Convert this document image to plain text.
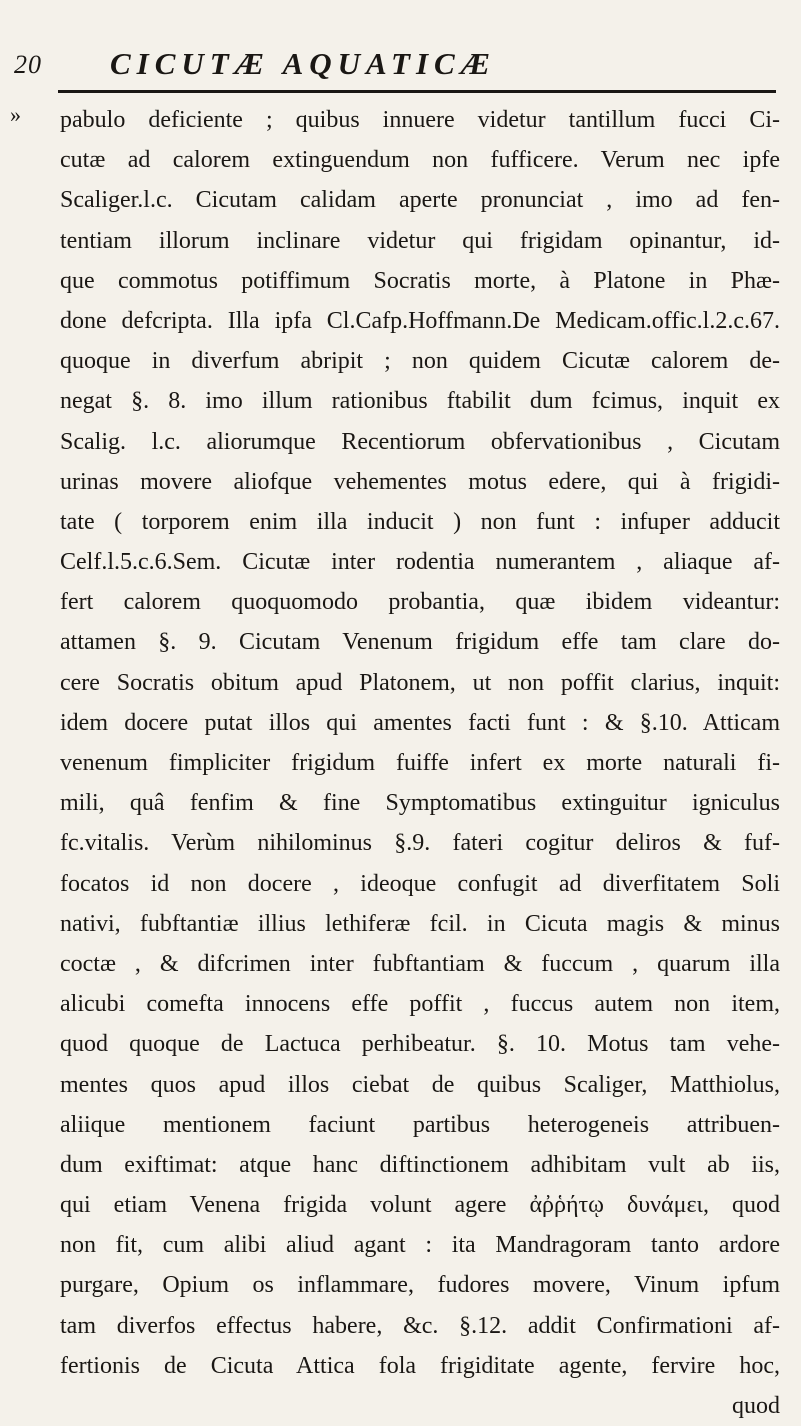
20 CICUTÆ AQUATICÆ
» pabulo deficiente ; quibus innuere videtur tantillum fucci Ci-
cutæ ad calorem extinguendum non fufficere. Verum nec ipfe
Scaliger.l.c. Cicutam calidam aperte pronunciat , imo ad fen-
tentiam illorum inclinare videtur qui frigidam opinantur, id-
que commotus potiffimum Socratis morte, à Platone in Phæ-
done defcripta. Illa ipfa Cl.Cafp.Hoffmann.De Medicam.offic.l.2.c.67.
quoque in diverfum abripit ; non quidem Cicutæ calorem de-
negat §. 8. imo illum rationibus ftabilit dum fcimus, inquit ex
Scalig. l.c. aliorumque Recentiorum obfervationibus , Cicutam
urinas movere aliofque vehementes motus edere, qui à frigidi-
tate ( torporem enim illa inducit ) non funt : infuper adducit
Celf.l.5.c.6.Sem. Cicutæ inter rodentia numerantem , aliaque af-
fert calorem quoquomodo probantia, quæ ibidem videantur:
attamen §. 9. Cicutam Venenum frigidum effe tam clare do-
cere Socratis obitum apud Platonem, ut non poffit clarius, inquit:
idem docere putat illos qui amentes facti funt : & §.10. Atticam
venenum fimpliciter frigidum fuiffe infert ex morte naturali fi-
mili, quâ fenfim & fine Symptomatibus extinguitur igniculus
fc.vitalis. Verùm nihilominus §.9. fateri cogitur deliros & fuf-
focatos id non docere , ideoque confugit ad diverfitatem Soli
nativi, fubftantiæ illius lethiferæ fcil. in Cicuta magis & minus
coctæ , & difcrimen inter fubftantiam & fuccum , quarum illa
alicubi comefta innocens effe poffit , fuccus autem non item,
quod quoque de Lactuca perhibeatur. §. 10. Motus tam vehe-
mentes quos apud illos ciebat de quibus Scaliger, Matthiolus,
aliique mentionem faciunt partibus heterogeneis attribuen-
dum exiftimat: atque hanc diftinctionem adhibitam vult ab iis,
qui etiam Venena frigida volunt agere ἀῤῥήτῳ δυνάμει, quod
non fit, cum alibi aliud agant : ita Mandragoram tanto ardore
purgare, Opium os inflammare, fudores movere, Vinum ipfum
tam diverfos effectus habere, &c. §.12. addit Confirmationi af-
fertionis de Cicuta Attica fola frigiditate agente, fervire hoc,
quod
